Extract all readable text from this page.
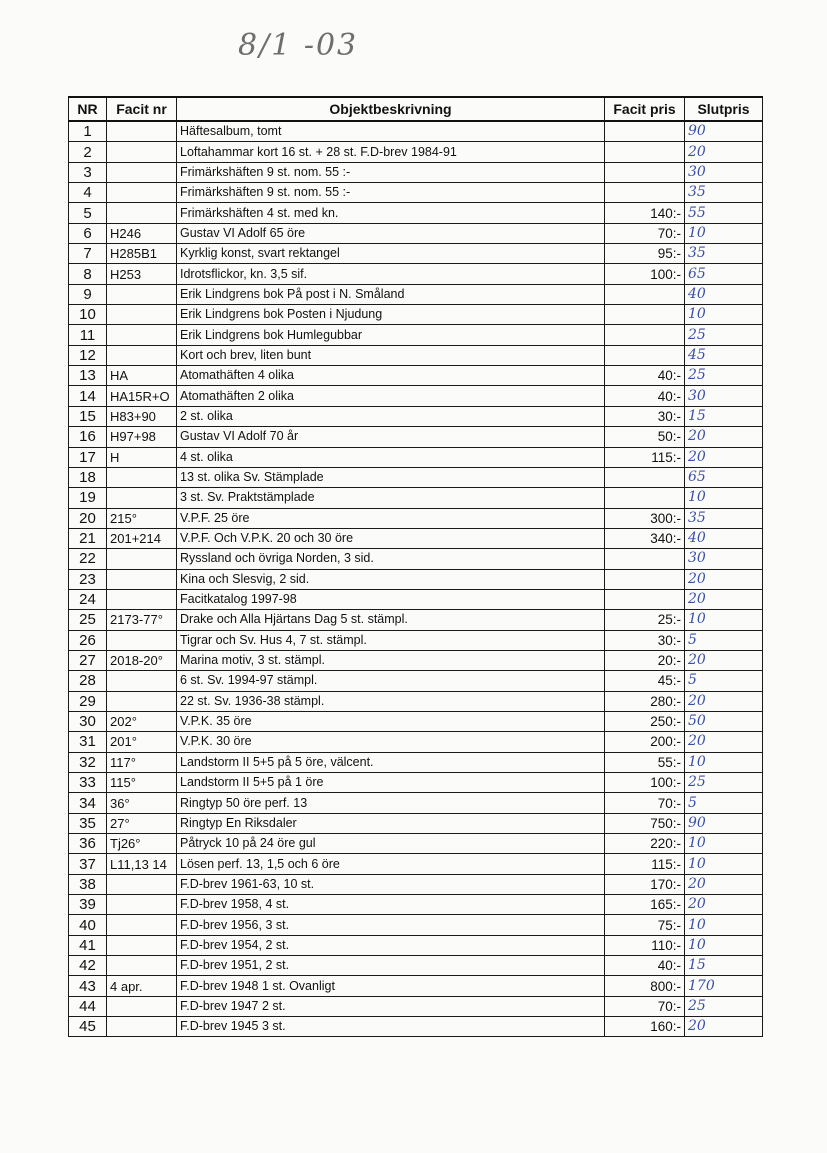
8/1 -03
NR	Facit nr	Objektbeskrivning	Facit pris	Slutpris
1		Häftesalbum, tomt		90
2		Loftahammar kort 16 st. + 28 st. F.D-brev 1984-91		20
3		Frimärkshäften 9 st. nom. 55 :-		30
4		Frimärkshäften 9 st. nom. 55 :-		35
5		Frimärkshäften 4 st. med kn.	140:-	55
6	H246	Gustav VI Adolf 65 öre	70:-	10
7	H285B1	Kyrklig konst, svart rektangel	95:-	35
8	H253	Idrotsflickor, kn. 3,5 sif.	100:-	65
9		Erik Lindgrens bok På post i N. Småland		40
10		Erik Lindgrens bok Posten i Njudung		10
11		Erik Lindgrens bok Humlegubbar		25
12		Kort och brev, liten bunt		45
13	HA	Atomathäften 4 olika	40:-	25
14	HA15R+O	Atomathäften 2 olika	40:-	30
15	H83+90	2 st. olika	30:-	15
16	H97+98	Gustav VI Adolf 70 år	50:-	20
17	H	4 st. olika	115:-	20
18		13 st. olika Sv. Stämplade		65
19		3 st. Sv. Praktstämplade		10
20	215°	V.P.F. 25 öre	300:-	35
21	201+214	V.P.F. Och V.P.K. 20 och 30 öre	340:-	40
22		Ryssland och övriga Norden, 3 sid.		30
23		Kina och Slesvig, 2 sid.		20
24		Facitkatalog 1997-98		20
25	2173-77°	Drake och Alla Hjärtans Dag 5 st. stämpl.	25:-	10
26		Tigrar och Sv. Hus 4, 7 st. stämpl.	30:-	5
27	2018-20°	Marina motiv, 3 st. stämpl.	20:-	20
28		6 st. Sv. 1994-97 stämpl.	45:-	5
29		22 st. Sv. 1936-38 stämpl.	280:-	20
30	202°	V.P.K. 35 öre	250:-	50
31	201°	V.P.K. 30 öre	200:-	20
32	117°	Landstorm II 5+5 på 5 öre, välcent.	55:-	10
33	115°	Landstorm II 5+5 på 1 öre	100:-	25
34	36°	Ringtyp 50 öre perf. 13	70:-	5
35	27°	Ringtyp En Riksdaler	750:-	90
36	Tj26°	Påtryck 10 på 24 öre gul	220:-	10
37	L11,13 14	Lösen perf. 13, 1,5 och 6 öre	115:-	10
38		F.D-brev 1961-63, 10 st.	170:-	20
39		F.D-brev 1958, 4 st.	165:-	20
40		F.D-brev 1956, 3 st.	75:-	10
41		F.D-brev 1954, 2 st.	110:-	10
42		F.D-brev 1951, 2 st.	40:-	15
43	4 apr.	F.D-brev 1948 1 st. Ovanligt	800:-	170
44		F.D-brev 1947 2 st.	70:-	25
45		F.D-brev 1945 3 st.	160:-	20
